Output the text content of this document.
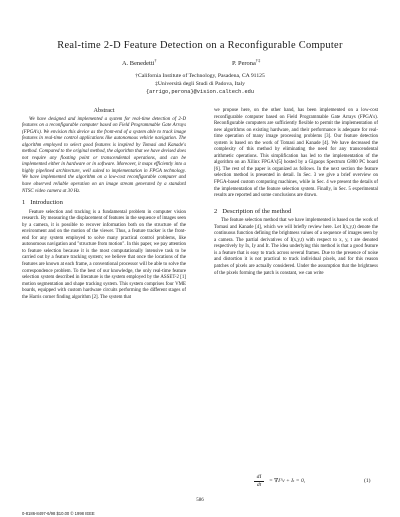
Real-time 2-D Feature Detection on a Reconfigurable Computer
A. Benedetti†	P. Perona†‡
†California Institute of Technology, Pasadena, CA 91125
‡Università degli Studi di Padova, Italy
{arrigo,perona}@vision.caltech.edu
Abstract

We have designed and implemented a system for real-time detection of 2-D features on a reconfigurable computer based on Field Programmable Gate Arrays (FPGA's). We envision this device as the front-end of a system able to track image features in real-time control applications like autonomous vehicle navigation. The algorithm employed to select good features is inspired by Tomasi and Kanade's method. Compared to the original method, the algorithm that we have devised does not require any floating point or transcendental operations, and can be implemented either in hardware or in software. Moreover, it maps efficiently into a highly pipelined architecture, well suited to implementation in FPGA technology. We have implemented the algorithm on a low-cost reconfigurable computer and have observed reliable operation on an image stream generated by a standard NTSC video camera at 30 Hz.

1 Introduction

Feature selection and tracking is a fundamental problem in computer vision research. By measuring the displacement of features in the sequence of images seen by a camera, it is possible to recover information both on the structure of the environment and on the motion of the viewer. Thus, a feature tracker is the front-end for any system employed to solve many practical control problems, like autonomous navigation and "structure from motion". In this paper, we pay attention to feature selection because it is the most computationally intensive task to be carried out by a feature tracking system; we believe that once the locations of the features are known at each frame, a conventional processor will be able to solve the correspondence problem. To the best of our knowledge, the only real-time feature selection system described in literature is the system employed by the ASSET-2 [1] motion segmentation and shape tracking system. This system comprises four VME boards, equipped with custom hardware circuits performing the different stages of the Harris corner finding algorithm [2]. The system that

we propose here, on the other hand, has been implemented on a low-cost reconfigurable computer based on Field Programmable Gate Arrays (FPGA's). Reconfigurable computers are sufficiently flexible to permit the implementation of new algorithms on existing hardware, and their performance is adequate for real-time operation of many image processing problems [3]. Our feature detection system is based on the work of Tomasi and Kanade [4]. We have decreased the complexity of this method by eliminating the need for any transcendental arithmetic operations. This simplification has led to the implementation of the algorithm on an Xilinx FPGA's[5] hosted by a Gigaops Spectrum G800 PC board [6]. The rest of the paper is organized as follows. In the next section the feature selection method is presented in detail. In Sec. 3 we give a brief overview on FPGA-based custom computing machines, while in Sec. 4 we present the details of the implementation of the feature selection system. Finally, in Sec. 5 experimental results are reported and some conclusions are drawn.

2 Description of the method

The feature selection method that we have implemented is based on the work of Tomasi and Kanade [4], which we will briefly review here. Let I(x,y,t) denote the continuous function defining the brightness values of a sequence of images seen by a camera. The partial derivatives of I(x,y,t) with respect to x, y, t are denoted respectively by Ix, Iy and It. The idea underlying this method is that a good feature is a feature that is easy to track across several frames. Due to the presence of noise and distortion it is not practical to track individual pixels, and for this reason patches of pixels are actually considered. Under the assumption that the brightness of the pixels forming the patch is constant, we can write

dI
dt
= ∇Iᵀv + Iₜ = 0,	(1)
586
0-8186-8497-6/98 $10.00 © 1998 IEEE
